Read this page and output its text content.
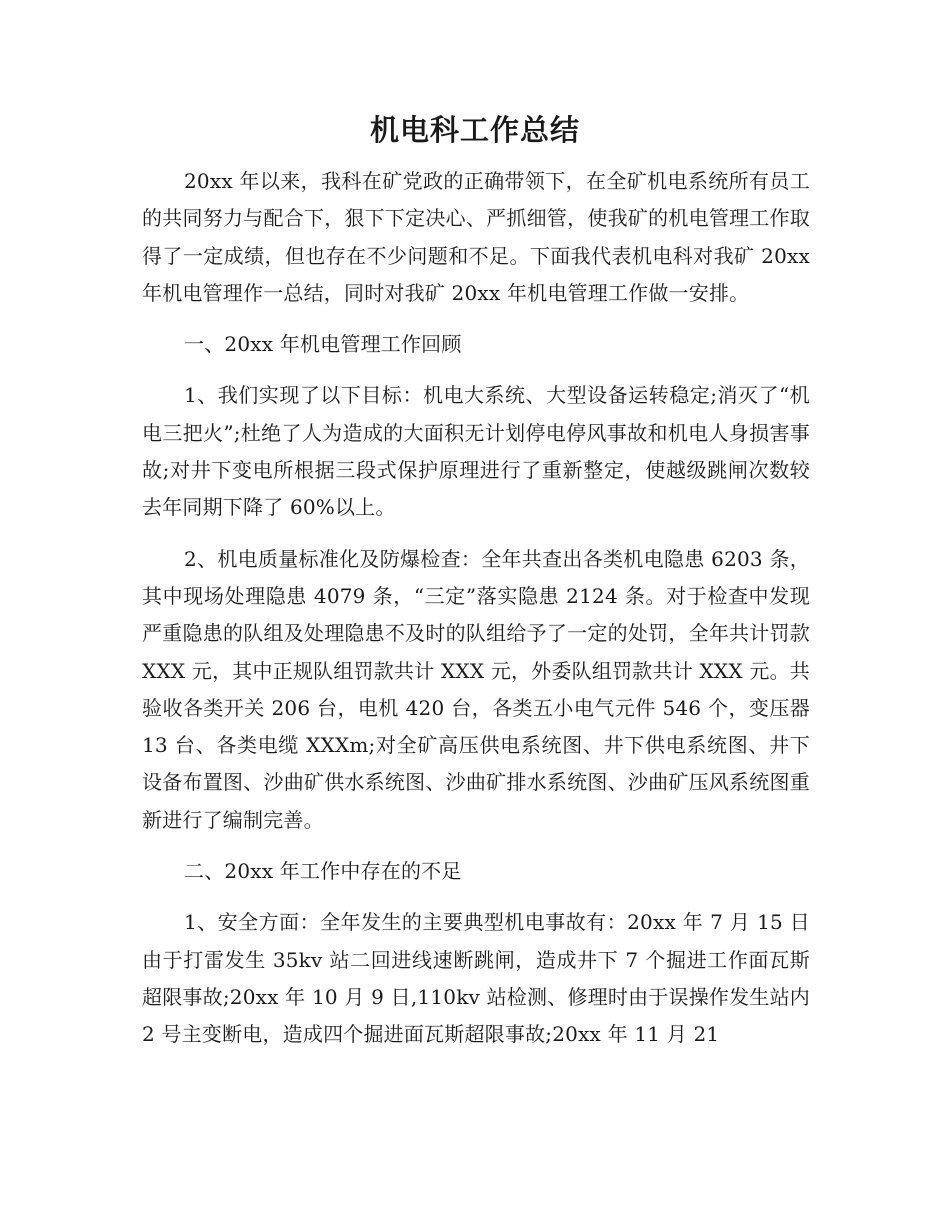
机电科工作总结

20xx 年以来，我科在矿党政的正确带领下，在全矿机电系统所有员工的共同努力与配合下，狠下下定决心、严抓细管，使我矿的机电管理工作取得了一定成绩，但也存在不少问题和不足。下面我代表机电科对我矿 20xx 年机电管理作一总结，同时对我矿 20xx 年机电管理工作做一安排。

一、20xx 年机电管理工作回顾

1、我们实现了以下目标：机电大系统、大型设备运转稳定;消灭了“机电三把火”;杜绝了人为造成的大面积无计划停电停风事故和机电人身损害事故;对井下变电所根据三段式保护原理进行了重新整定，使越级跳闸次数较去年同期下降了 60%以上。

2、机电质量标准化及防爆检查：全年共查出各类机电隐患 6203 条，其中现场处理隐患 4079 条，“三定”落实隐患 2124 条。对于检查中发现严重隐患的队组及处理隐患不及时的队组给予了一定的处罚，全年共计罚款 XXX 元，其中正规队组罚款共计 XXX 元，外委队组罚款共计 XXX 元。共验收各类开关 206 台，电机 420 台，各类五小电气元件 546 个，变压器 13 台、各类电缆 XXXm;对全矿高压供电系统图、井下供电系统图、井下设备布置图、沙曲矿供水系统图、沙曲矿排水系统图、沙曲矿压风系统图重新进行了编制完善。

二、20xx 年工作中存在的不足

1、安全方面：全年发生的主要典型机电事故有：20xx 年 7 月 15 日由于打雷发生 35kv 站二回进线速断跳闸，造成井下 7 个掘进工作面瓦斯超限事故;20xx 年 10 月 9 日,110kv 站检测、修理时由于误操作发生站内 2 号主变断电，造成四个掘进面瓦斯超限事故;20xx 年 11 月 21
